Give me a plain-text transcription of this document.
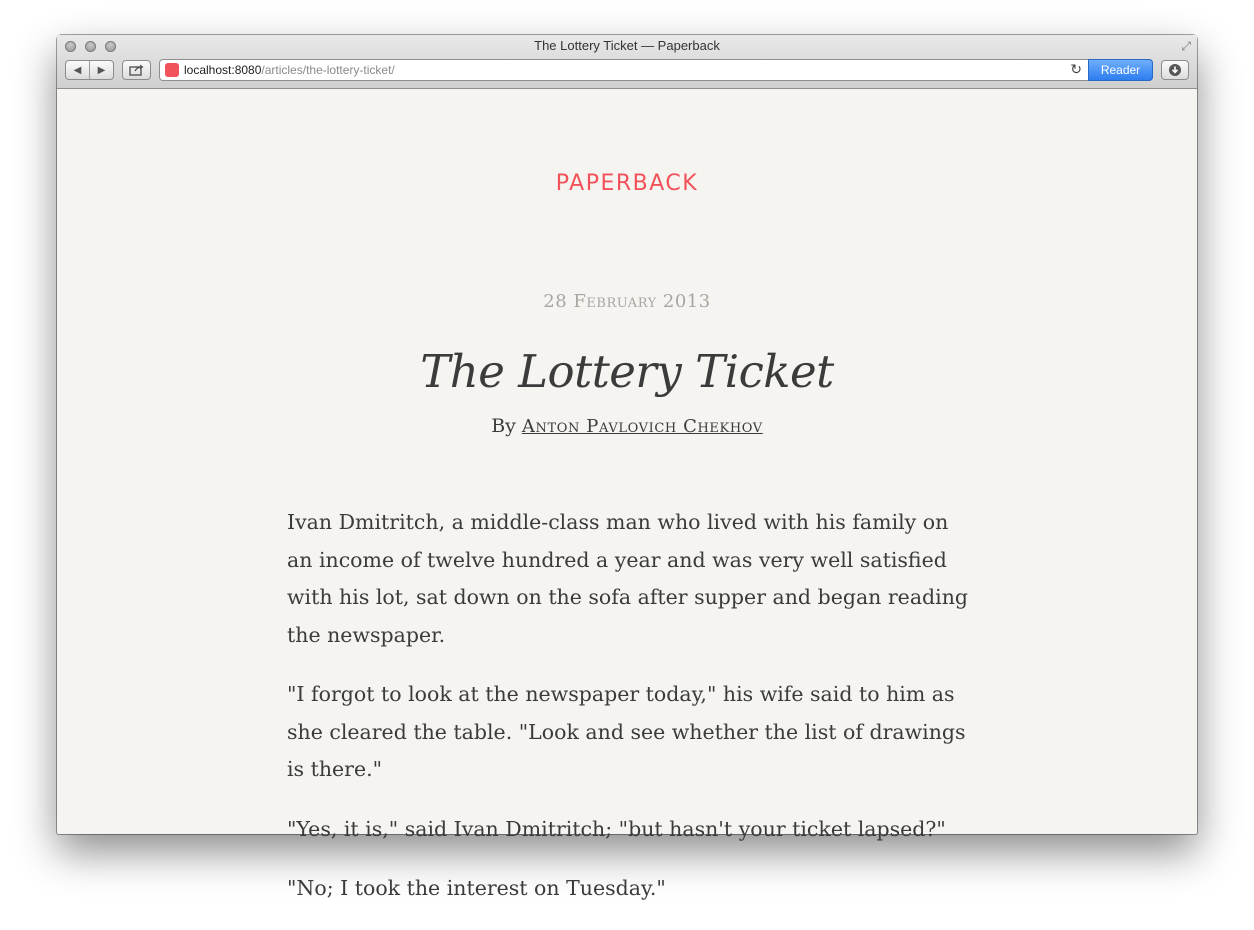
The Lottery Ticket — Paperback	⤢
◀	▶	localhost:8080/articles/the-lottery-ticket/	↻	Reader
PAPERBACK
28 February 2013
The Lottery Ticket
By Anton Pavlovich Chekhov

Ivan Dmitritch, a middle-class man who lived with his family on an income of twelve hundred a year and was very well satisfied with his lot, sat down on the sofa after supper and began reading the newspaper.

"I forgot to look at the newspaper today," his wife said to him as she cleared the table. "Look and see whether the list of drawings is there."

"Yes, it is," said Ivan Dmitritch; "but hasn't your ticket lapsed?"

"No; I took the interest on Tuesday."
